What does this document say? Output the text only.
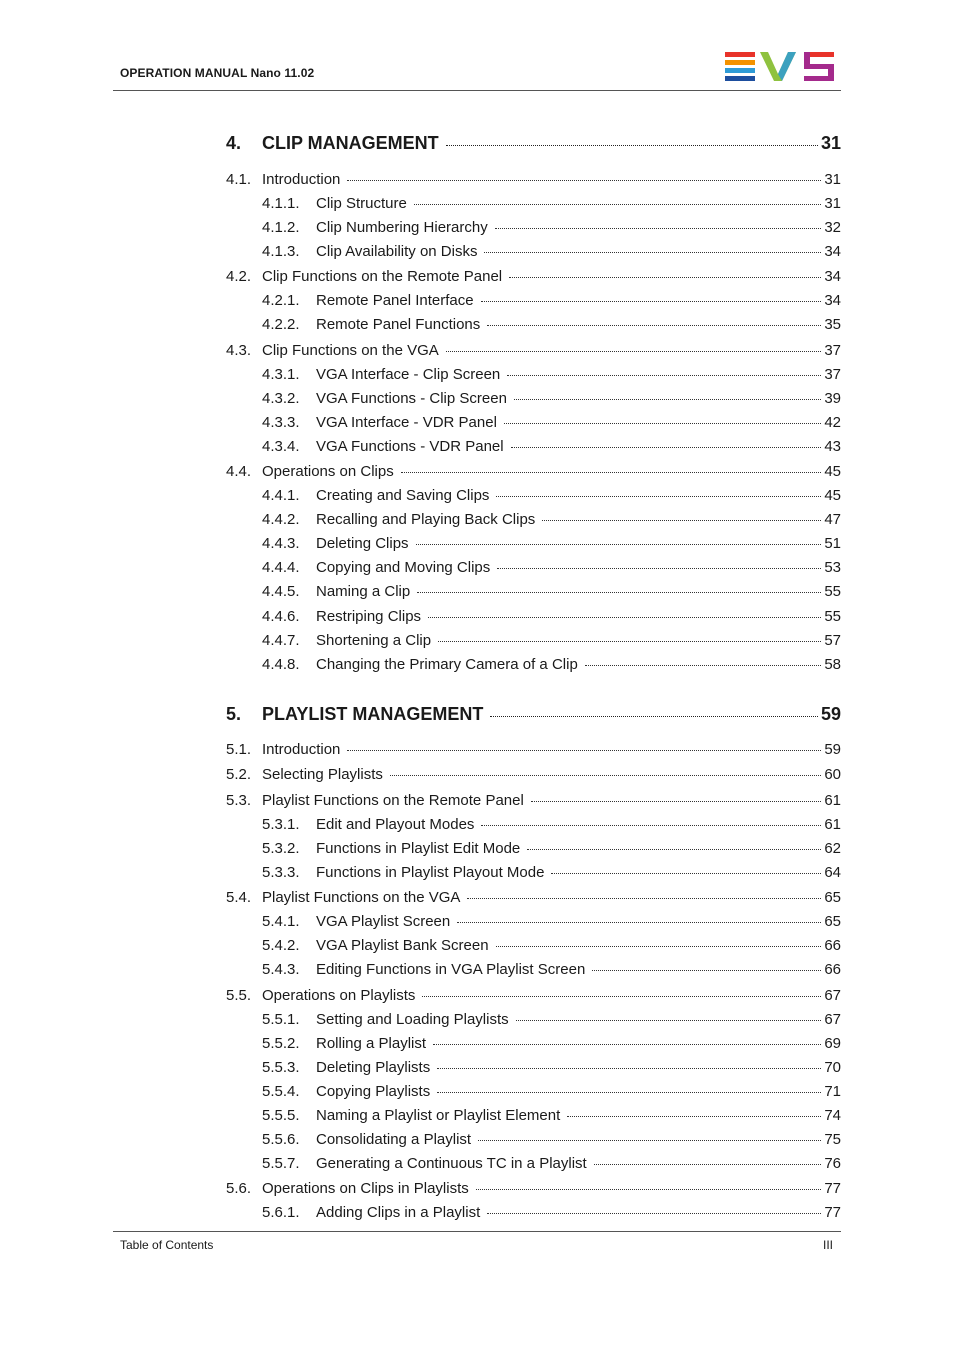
OPERATION MANUAL Nano 11.02
4.	CLIP MANAGEMENT	31
4.1. Introduction	31
4.1.1.	Clip Structure	31
4.1.2.	Clip Numbering Hierarchy	32
4.1.3.	Clip Availability on Disks	34
4.2. Clip Functions on the Remote Panel	34
4.2.1.	Remote Panel Interface	34
4.2.2.	Remote Panel Functions	35
4.3. Clip Functions on the VGA	37
4.3.1.	VGA Interface - Clip Screen	37
4.3.2.	VGA Functions - Clip Screen	39
4.3.3.	VGA Interface - VDR Panel	42
4.3.4.	VGA Functions - VDR Panel	43
4.4. Operations on Clips	45
4.4.1.	Creating and Saving Clips	45
4.4.2.	Recalling and Playing Back Clips	47
4.4.3.	Deleting Clips	51
4.4.4.	Copying and Moving Clips	53
4.4.5.	Naming a Clip	55
4.4.6.	Restriping Clips	55
4.4.7.	Shortening a Clip	57
4.4.8.	Changing the Primary Camera of a Clip	58
5.	PLAYLIST MANAGEMENT	59
5.1. Introduction	59
5.2. Selecting Playlists	60
5.3. Playlist Functions on the Remote Panel	61
5.3.1.	Edit and Playout Modes	61
5.3.2.	Functions in Playlist Edit Mode	62
5.3.3.	Functions in Playlist Playout Mode	64
5.4. Playlist Functions on the VGA	65
5.4.1.	VGA Playlist Screen	65
5.4.2.	VGA Playlist Bank Screen	66
5.4.3.	Editing Functions in VGA Playlist Screen	66
5.5. Operations on Playlists	67
5.5.1.	Setting and Loading Playlists	67
5.5.2.	Rolling a Playlist	69
5.5.3.	Deleting Playlists	70
5.5.4.	Copying Playlists	71
5.5.5.	Naming a Playlist or Playlist Element	74
5.5.6.	Consolidating a Playlist	75
5.5.7.	Generating a Continuous TC in a Playlist	76
5.6. Operations on Clips in Playlists	77
5.6.1.	Adding Clips in a Playlist	77
Table of Contents	III
